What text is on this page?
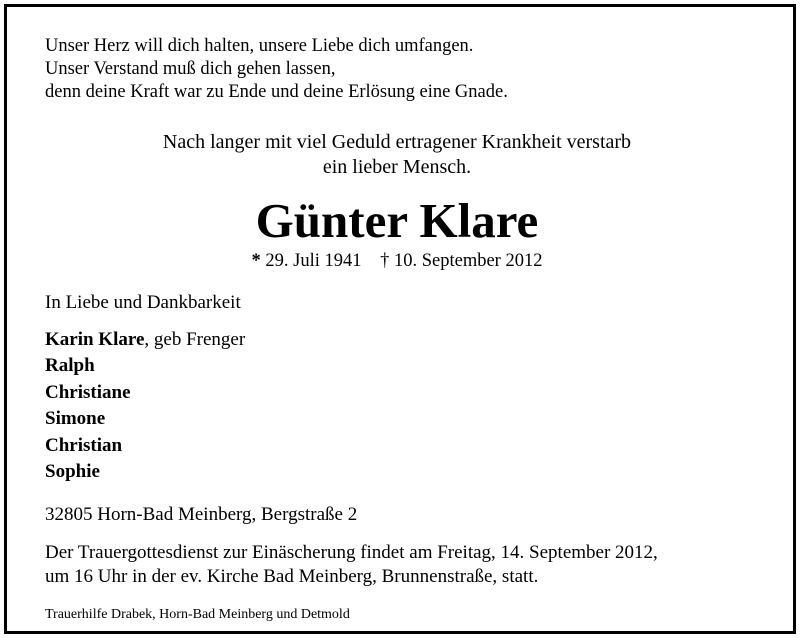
Unser Herz will dich halten, unsere Liebe dich umfangen.
Unser Verstand muß dich gehen lassen,
denn deine Kraft war zu Ende und deine Erlösung eine Gnade.
Nach langer mit viel Geduld ertragener Krankheit verstarb
ein lieber Mensch.
Günter Klare
* 29. Juli 1941 † 10. September 2012
In Liebe und Dankbarkeit
Karin Klare, geb Frenger
Ralph
Christiane
Simone
Christian
Sophie
32805 Horn-Bad Meinberg, Bergstraße 2
Der Trauergottesdienst zur Einäscherung findet am Freitag, 14. September 2012,
um 16 Uhr in der ev. Kirche Bad Meinberg, Brunnenstraße, statt.
Trauerhilfe Drabek, Horn-Bad Meinberg und Detmold
